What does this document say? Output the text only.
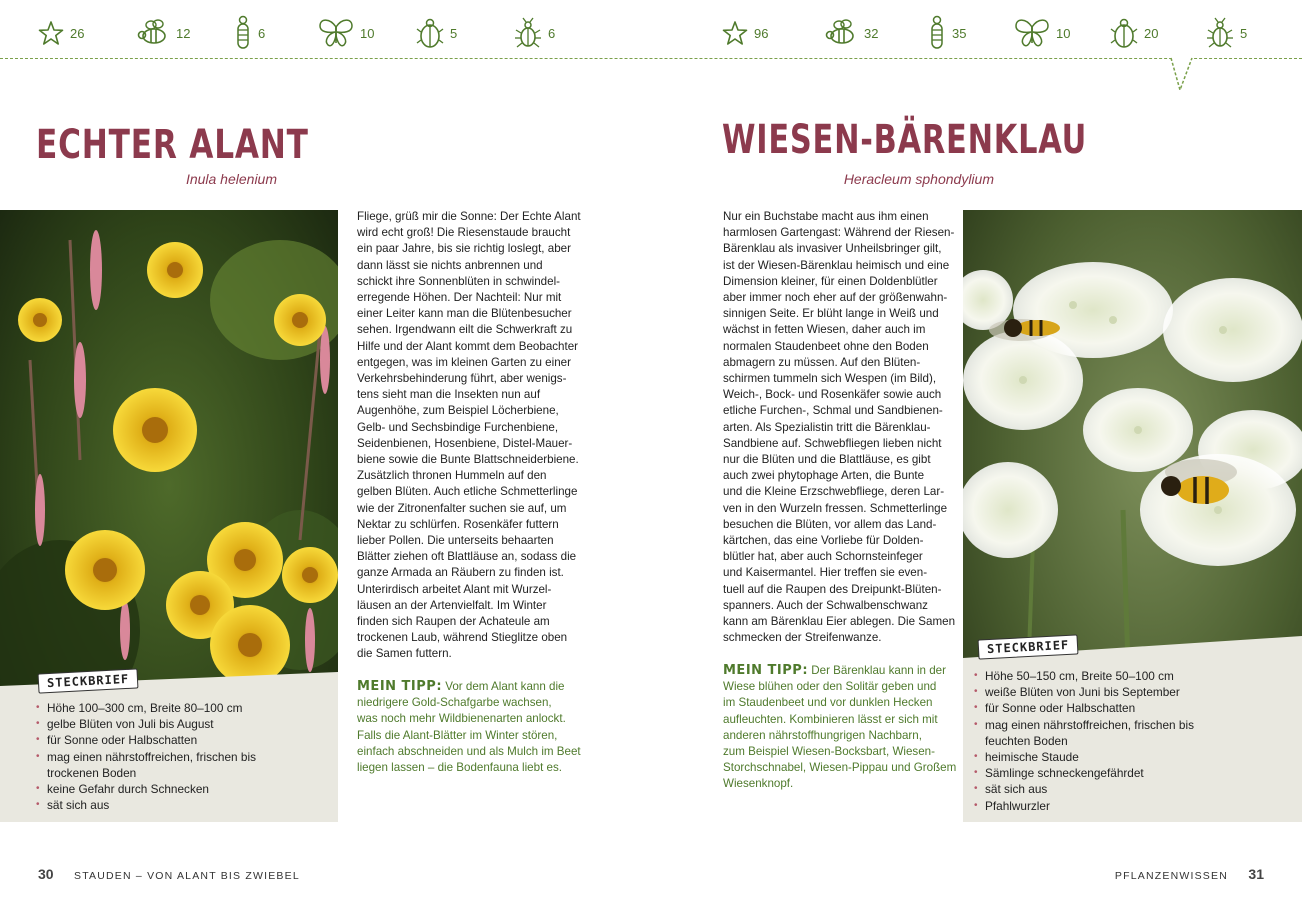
26	12	6	10	5	6	96	32	35	10	20	5
ECHTER ALANT
Inula helenium
STECKBRIEF
• Höhe 100–300 cm, Breite 80–100 cm
• gelbe Blüten von Juli bis August
• für Sonne oder Halbschatten
• mag einen nährstoffreichen, frischen bis trockenen Boden
• keine Gefahr durch Schnecken
• sät sich aus
Fliege, grüß mir die Sonne: Der Echte Alant
wird echt groß! Die Riesenstaude braucht
ein paar Jahre, bis sie richtig loslegt, aber
dann lässt sie nichts anbrennen und
schickt ihre Sonnenblüten in schwindel-
erregende Höhen. Der Nachteil: Nur mit
einer Leiter kann man die Blütenbesucher
sehen. Irgendwann eilt die Schwerkraft zu
Hilfe und der Alant kommt dem Beobachter
entgegen, was im kleinen Garten zu einer
Verkehrsbehinderung führt, aber wenigs-
tens sieht man die Insekten nun auf
Augenhöhe, zum Beispiel Löcherbiene,
Gelb- und Sechsbindige Furchenbiene,
Seidenbienen, Hosenbiene, Distel-Mauer-
biene sowie die Bunte Blattschneiderbiene.
Zusätzlich thronen Hummeln auf den
gelben Blüten. Auch etliche Schmetterlinge
wie der Zitronenfalter suchen sie auf, um
Nektar zu schlürfen. Rosenkäfer futtern
lieber Pollen. Die unterseits behaarten
Blätter ziehen oft Blattläuse an, sodass die
ganze Armada an Räubern zu finden ist.
Unterirdisch arbeitet Alant mit Wurzel-
läusen an der Artenvielfalt. Im Winter
finden sich Raupen der Achateule am
trockenen Laub, während Stieglitze oben
die Samen futtern.
MEIN TIPP: Vor dem Alant kann die
niedrigere Gold-Schafgarbe wachsen,
was noch mehr Wildbienenarten anlockt.
Falls die Alant-Blätter im Winter stören,
einfach abschneiden und als Mulch im Beet
liegen lassen – die Bodenfauna liebt es.
WIESEN-BÄRENKLAU
Heracleum sphondylium
Nur ein Buchstabe macht aus ihm einen
harmlosen Gartengast: Während der Riesen-
Bärenklau als invasiver Unheilsbringer gilt,
ist der Wiesen-Bärenklau heimisch und eine
Dimension kleiner, für einen Doldenblütler
aber immer noch eher auf der größenwahn-
sinnigen Seite. Er blüht lange in Weiß und
wächst in fetten Wiesen, daher auch im
normalen Staudenbeet ohne den Boden
abmagern zu müssen. Auf den Blüten-
schirmen tummeln sich Wespen (im Bild),
Weich-, Bock- und Rosenkäfer sowie auch
etliche Furchen-, Schmal und Sandbienen-
arten. Als Spezialistin tritt die Bärenklau-
Sandbiene auf. Schwebfliegen lieben nicht
nur die Blüten und die Blattläuse, es gibt
auch zwei phytophage Arten, die Bunte
und die Kleine Erzschwebfliege, deren Lar-
ven in den Wurzeln fressen. Schmetterlinge
besuchen die Blüten, vor allem das Land-
kärtchen, das eine Vorliebe für Dolden-
blütler hat, aber auch Schornsteinfeger
und Kaisermantel. Hier treffen sie even-
tuell auf die Raupen des Dreipunkt-Blüten-
spanners. Auch der Schwalbenschwanz
kann am Bärenklau Eier ablegen. Die Samen
schmecken der Streifenwanze.
MEIN TIPP: Der Bärenklau kann in der
Wiese blühen oder den Solitär geben und
im Staudenbeet und vor dunklen Hecken
aufleuchten. Kombinieren lässt er sich mit
anderen nährstoffhungrigen Nachbarn,
zum Beispiel Wiesen-Bocksbart, Wiesen-
Storchschnabel, Wiesen-Pippau und Großem
Wiesenknopf.
STECKBRIEF
• Höhe 50–150 cm, Breite 50–100 cm
• weiße Blüten von Juni bis September
• für Sonne oder Halbschatten
• mag einen nährstoffreichen, frischen bis feuchten Boden
• heimische Staude
• Sämlinge schneckengefährdet
• sät sich aus
• Pfahlwurzler
30 STAUDEN – VON ALANT BIS ZWIEBEL	PFLANZENWISSEN 31
